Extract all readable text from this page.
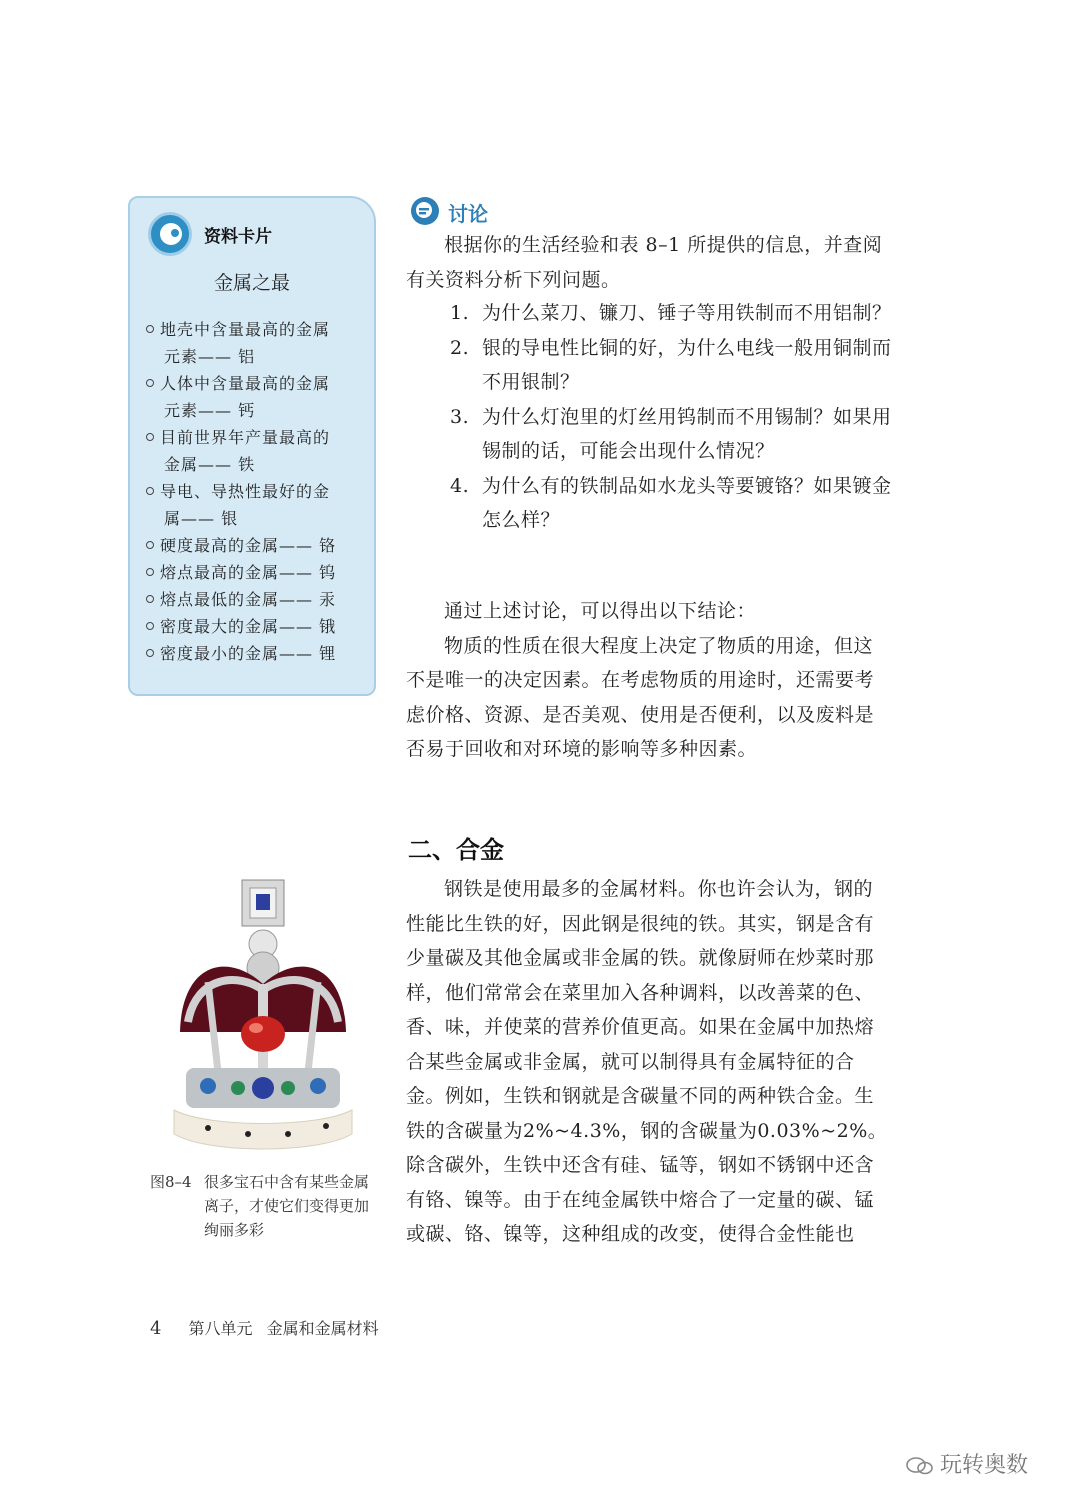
资料卡片
金属之最
地壳中含量最高的金属
元素—— 铝
人体中含量最高的金属
元素—— 钙
目前世界年产量最高的
金属—— 铁
导电、导热性最好的金
属—— 银
硬度最高的金属—— 铬
熔点最高的金属—— 钨
熔点最低的金属—— 汞
密度最大的金属—— 锇
密度最小的金属—— 锂
讨论

根据你的生活经验和表 8–1 所提供的信息，并查阅有关资料分析下列问题。

1. 为什么菜刀、镰刀、锤子等用铁制而不用铝制？
2. 银的导电性比铜的好，为什么电线一般用铜制而不用银制？
3. 为什么灯泡里的灯丝用钨制而不用锡制？如果用锡制的话，可能会出现什么情况？
4. 为什么有的铁制品如水龙头等要镀铬？如果镀金怎么样？

通过上述讨论，可以得出以下结论：

物质的性质在很大程度上决定了物质的用途，但这不是唯一的决定因素。在考虑物质的用途时，还需要考虑价格、资源、是否美观、使用是否便利，以及废料是否易于回收和对环境的影响等多种因素。

二、合金

钢铁是使用最多的金属材料。你也许会认为，钢的性能比生铁的好，因此钢是很纯的铁。其实，钢是含有少量碳及其他金属或非金属的铁。就像厨师在炒菜时那样，他们常常会在菜里加入各种调料，以改善菜的色、香、味，并使菜的营养价值更高。如果在金属中加热熔合某些金属或非金属，就可以制得具有金属特征的合金。例如，生铁和钢就是含碳量不同的两种铁合金。生铁的含碳量为2%~4.3%，钢的含碳量为0.03%~2%。除含碳外，生铁中还含有硅、锰等，钢如不锈钢中还含有铬、镍等。由于在纯金属铁中熔合了一定量的碳、锰或碳、铬、镍等，这种组成的改变，使得合金性能也

图8–4 很多宝石中含有某些金属离子，才使它们变得更加绚丽多彩
4 第八单元 金属和金属材料
玩转奥数
